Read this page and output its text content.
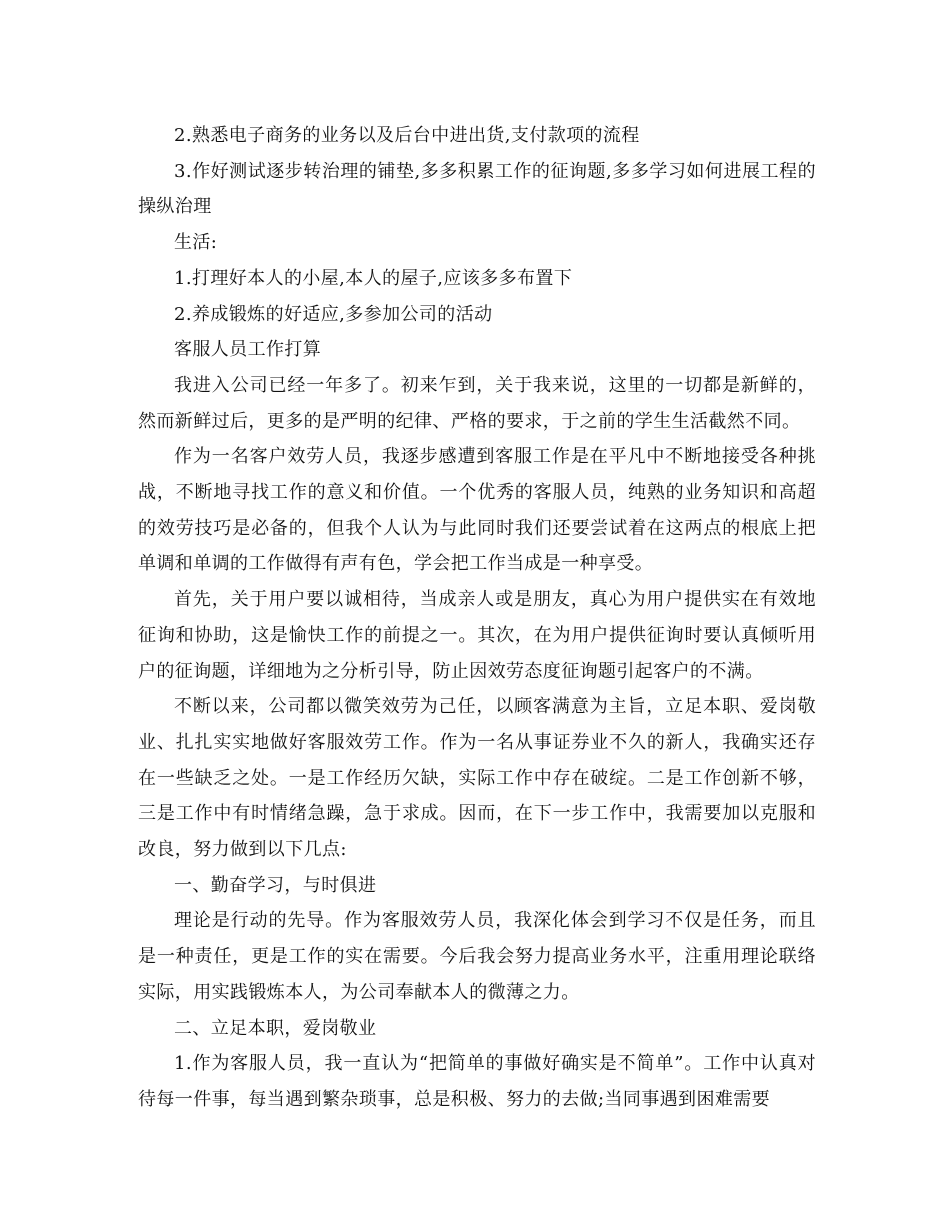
2.熟悉电子商务的业务以及后台中进出货,支付款项的流程

3.作好测试逐步转治理的铺垫,多多积累工作的征询题,多多学习如何进展工程的操纵治理

生活:

1.打理好本人的小屋,本人的屋子,应该多多布置下

2.养成锻炼的好适应,多参加公司的活动

客服人员工作打算

我进入公司已经一年多了。初来乍到，关于我来说，这里的一切都是新鲜的，然而新鲜过后，更多的是严明的纪律、严格的要求，于之前的学生生活截然不同。

作为一名客户效劳人员，我逐步感遭到客服工作是在平凡中不断地接受各种挑战，不断地寻找工作的意义和价值。一个优秀的客服人员，纯熟的业务知识和高超的效劳技巧是必备的，但我个人认为与此同时我们还要尝试着在这两点的根底上把单调和单调的工作做得有声有色，学会把工作当成是一种享受。

首先，关于用户要以诚相待，当成亲人或是朋友，真心为用户提供实在有效地征询和协助，这是愉快工作的前提之一。其次，在为用户提供征询时要认真倾听用户的征询题，详细地为之分析引导，防止因效劳态度征询题引起客户的不满。

不断以来，公司都以微笑效劳为己任，以顾客满意为主旨，立足本职、爱岗敬业、扎扎实实地做好客服效劳工作。作为一名从事证券业不久的新人，我确实还存在一些缺乏之处。一是工作经历欠缺，实际工作中存在破绽。二是工作创新不够，三是工作中有时情绪急躁，急于求成。因而，在下一步工作中，我需要加以克服和改良，努力做到以下几点:

一、勤奋学习，与时俱进

理论是行动的先导。作为客服效劳人员，我深化体会到学习不仅是任务，而且是一种责任，更是工作的实在需要。今后我会努力提高业务水平，注重用理论联络实际，用实践锻炼本人，为公司奉献本人的微薄之力。

二、立足本职，爱岗敬业

1.作为客服人员，我一直认为“把简单的事做好确实是不简单”。工作中认真对待每一件事，每当遇到繁杂琐事，总是积极、努力的去做;当同事遇到困难需要
